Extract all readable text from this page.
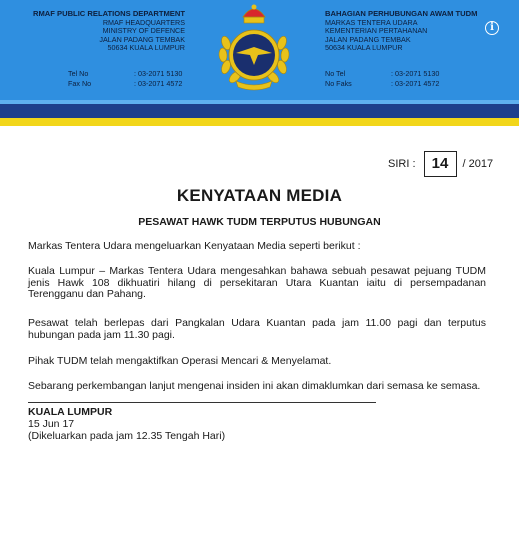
RMAF PUBLIC RELATIONS DEPARTMENT
RMAF HEADQUARTERS
MINISTRY OF DEFENCE
JALAN PADANG TEMBAK
50634 KUALA LUMPUR
Tel No	: 03-2071 5130
Fax No	: 03-2071 4572
BAHAGIAN PERHUBUNGAN AWAM TUDM
MARKAS TENTERA UDARA
KEMENTERIAN PERTAHANAN
JALAN PADANG TEMBAK
50634 KUALA LUMPUR
No Tel	: 03-2071 5130
No Faks	: 03-2071 4572
i
SIRI :	14	/ 2017
KENYATAAN MEDIA
PESAWAT HAWK TUDM TERPUTUS HUBUNGAN

Markas Tentera Udara mengeluarkan Kenyataan Media seperti berikut :

Kuala Lumpur – Markas Tentera Udara mengesahkan bahawa sebuah pesawat pejuang TUDM jenis Hawk 108 dikhuatiri hilang di persekitaran Utara Kuantan iaitu di persempadanan Terengganu dan Pahang.

Pesawat telah berlepas dari Pangkalan Udara Kuantan pada jam 11.00 pagi dan terputus hubungan pada jam 11.30 pagi.

Pihak TUDM telah mengaktifkan Operasi Mencari & Menyelamat.

Sebarang perkembangan lanjut mengenai insiden ini akan dimaklumkan dari semasa ke semasa.

KUALA LUMPUR
15 Jun 17
(Dikeluarkan pada jam 12.35 Tengah Hari)
